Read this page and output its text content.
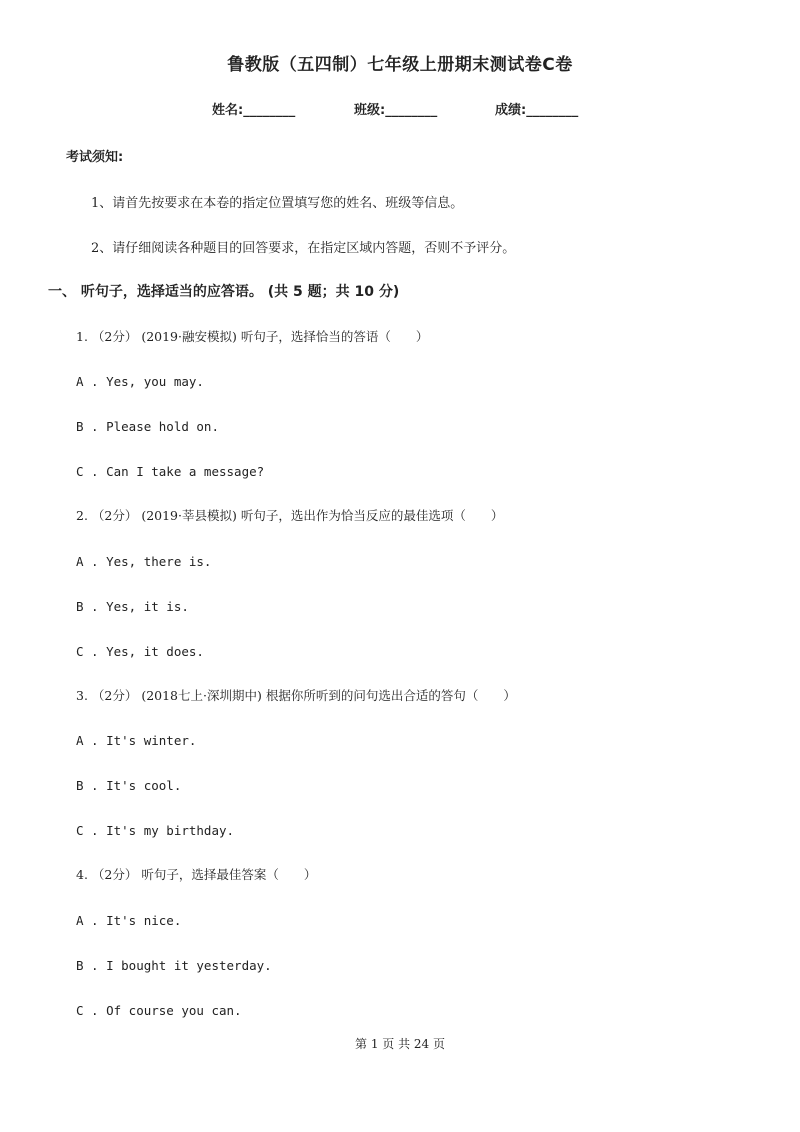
鲁教版（五四制）七年级上册期末测试卷C卷
姓名:________	班级:________	成绩:________
考试须知:
1、请首先按要求在本卷的指定位置填写您的姓名、班级等信息。
2、请仔细阅读各种题目的回答要求，在指定区域内答题，否则不予评分。
一、 听句子，选择适当的应答语。 (共 5 题；共 10 分)
1. （2分） (2019·融安模拟) 听句子，选择恰当的答语（　　）
A . Yes, you may.
B . Please hold on.
C . Can I take a message?
2. （2分） (2019·莘县模拟) 听句子，选出作为恰当反应的最佳选项（　　）
A . Yes, there is.
B . Yes, it is.
C . Yes, it does.
3. （2分） (2018七上·深圳期中) 根据你所听到的问句选出合适的答句（　　）
A . It's winter.
B . It's cool.
C . It's my birthday.
4. （2分） 听句子，选择最佳答案（　　）
A . It's nice.
B . I bought it yesterday.
C . Of course you can.
第 1 页 共 24 页
